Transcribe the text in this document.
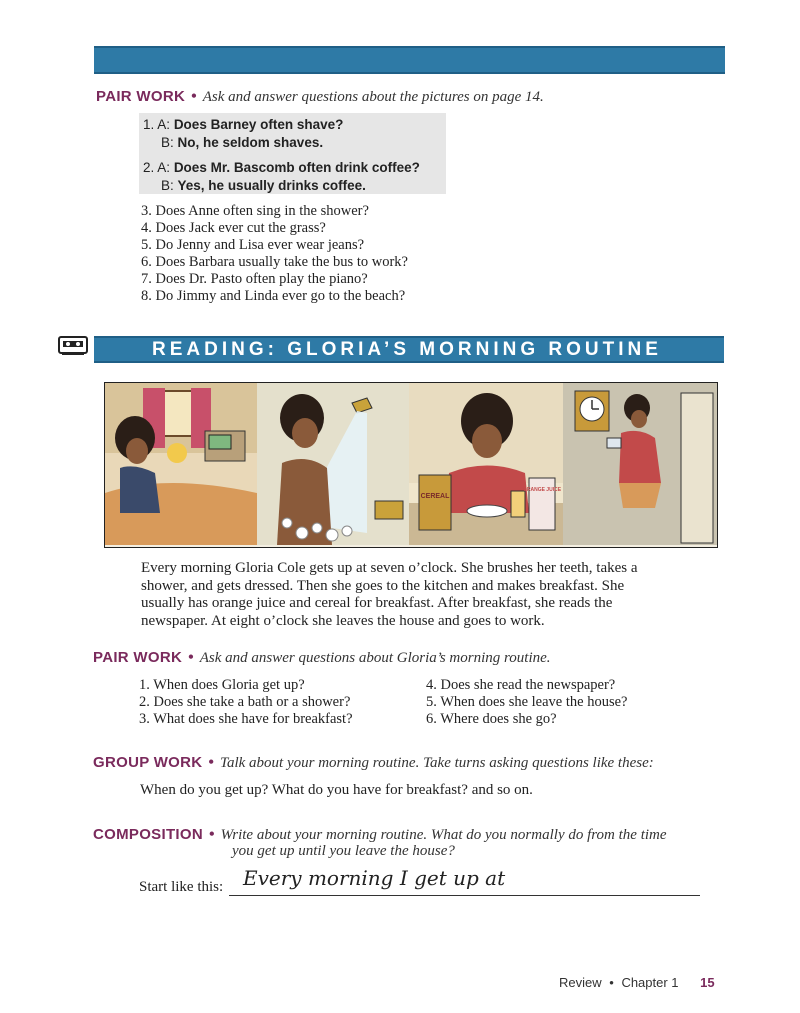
PAIR WORK • Ask and answer questions about the pictures on page 14.
1. A: Does Barney often shave?
B: No, he seldom shaves.
2. A: Does Mr. Bascomb often drink coffee?
B: Yes, he usually drinks coffee.
3. Does Anne often sing in the shower?
4. Does Jack ever cut the grass?
5. Do Jenny and Lisa ever wear jeans?
6. Does Barbara usually take the bus to work?
7. Does Dr. Pasto often play the piano?
8. Do Jimmy and Linda ever go to the beach?
READING: GLORIA’S MORNING ROUTINE
CEREAL
ORANGE JUICE
Every morning Gloria Cole gets up at seven o’clock. She brushes her teeth, takes a shower, and gets dressed. Then she goes to the kitchen and makes breakfast. She usually has orange juice and cereal for breakfast. After breakfast, she reads the newspaper. At eight o’clock she leaves the house and goes to work.
PAIR WORK • Ask and answer questions about Gloria’s morning routine.
1. When does Gloria get up?
2. Does she take a bath or a shower?
3. What does she have for breakfast?
4. Does she read the newspaper?
5. When does she leave the house?
6. Where does she go?
GROUP WORK • Talk about your morning routine. Take turns asking questions like these:
When do you get up? What do you have for breakfast? and so on.
COMPOSITION • Write about your morning routine. What do you normally do from the time
you get up until you leave the house?
Start like this: Every morning I get up at
Review • Chapter 1 15
